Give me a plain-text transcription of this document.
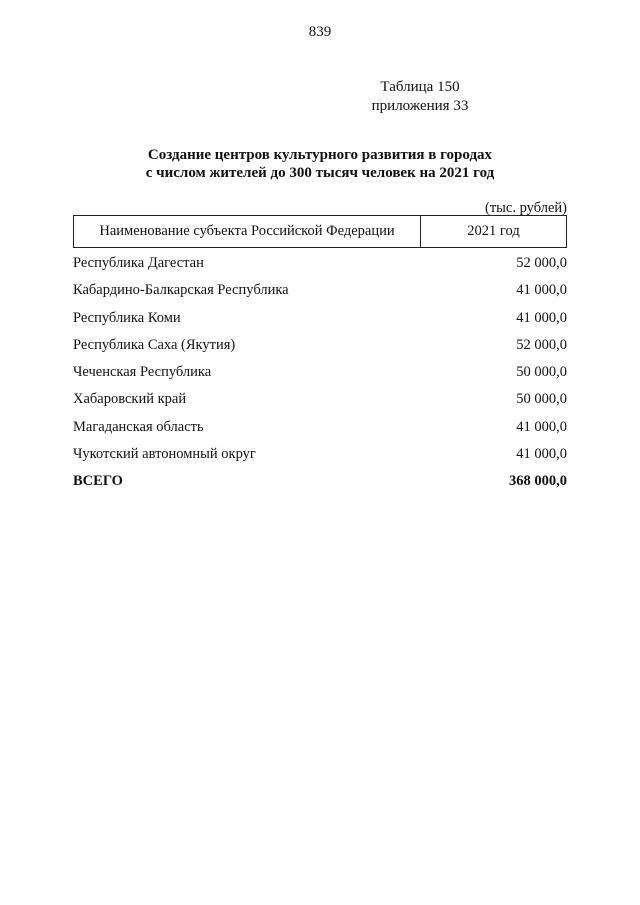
839
Таблица 150
приложения 33
Создание центров культурного развития в городах
с числом жителей до 300 тысяч человек на 2021 год
(тыс. рублей)
Наименование субъекта Российской Федерации	2021 год
Республика Дагестан	52 000,0
Кабардино-Балкарская Республика	41 000,0
Республика Коми	41 000,0
Республика Саха (Якутия)	52 000,0
Чеченская Республика	50 000,0
Хабаровский край	50 000,0
Магаданская область	41 000,0
Чукотский автономный округ	41 000,0
ВСЕГО	368 000,0
